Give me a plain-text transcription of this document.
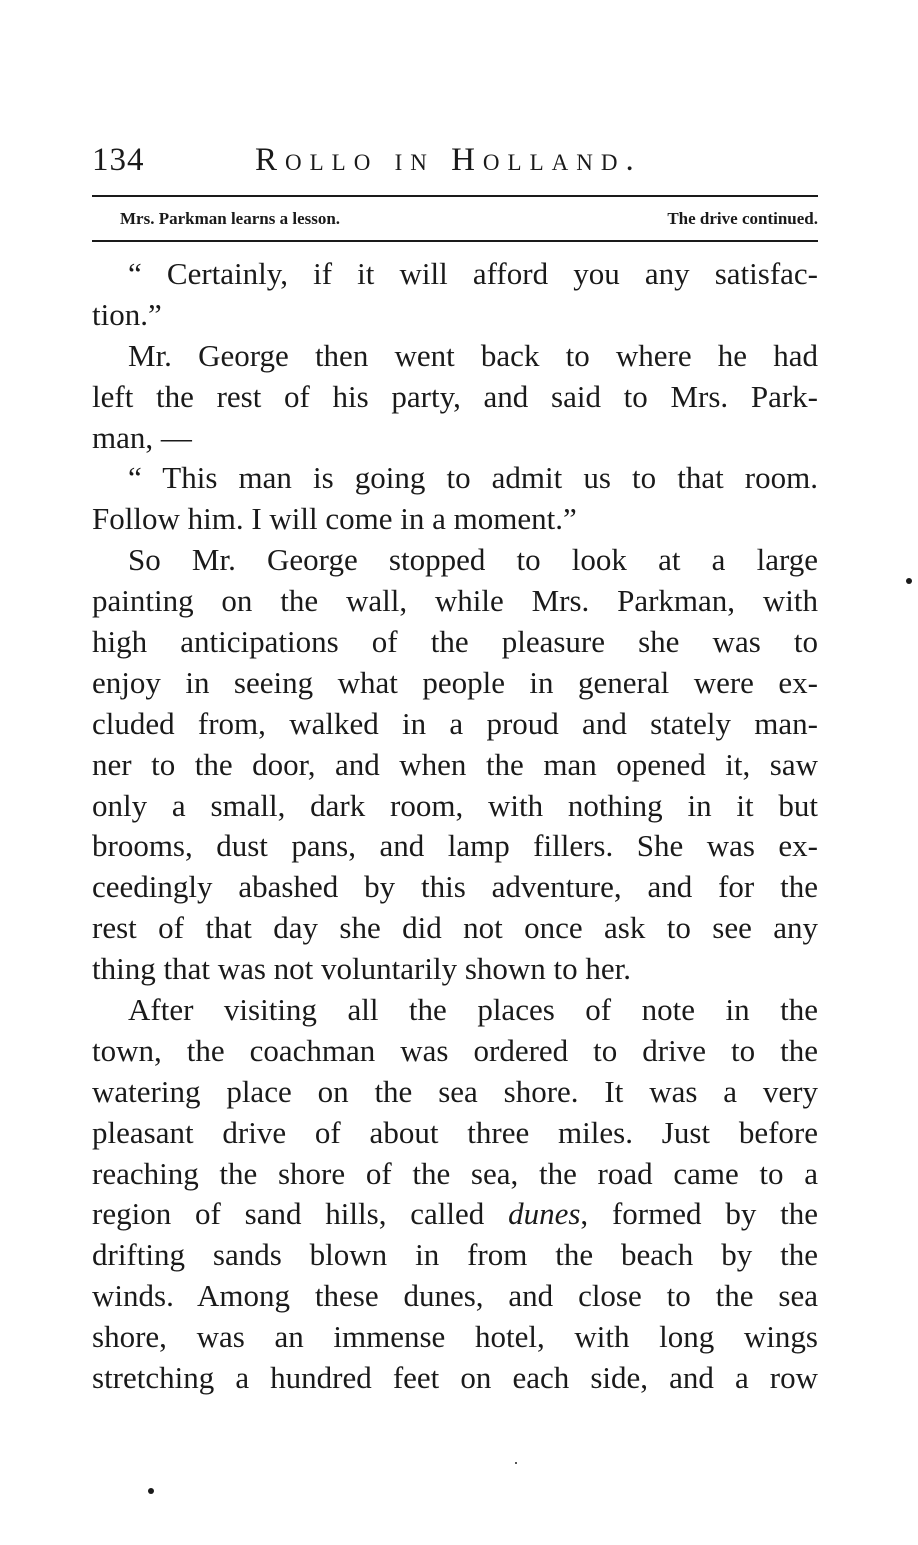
134	Rollo in Holland.
Mrs. Parkman learns a lesson.	The drive continued.
“ Certainly, if it will afford you any satisfac-
tion.”
Mr. George then went back to where he had
left the rest of his party, and said to Mrs. Park-
man, —
“ This man is going to admit us to that room.
Follow him. I will come in a moment.”
So Mr. George stopped to look at a large
painting on the wall, while Mrs. Parkman, with
high anticipations of the pleasure she was to
enjoy in seeing what people in general were ex-
cluded from, walked in a proud and stately man-
ner to the door, and when the man opened it, saw
only a small, dark room, with nothing in it but
brooms, dust pans, and lamp fillers. She was ex-
ceedingly abashed by this adventure, and for the
rest of that day she did not once ask to see any
thing that was not voluntarily shown to her.
After visiting all the places of note in the
town, the coachman was ordered to drive to the
watering place on the sea shore. It was a very
pleasant drive of about three miles. Just before
reaching the shore of the sea, the road came to a
region of sand hills, called dunes, formed by the
drifting sands blown in from the beach by the
winds. Among these dunes, and close to the sea
shore, was an immense hotel, with long wings
stretching a hundred feet on each side, and a row
